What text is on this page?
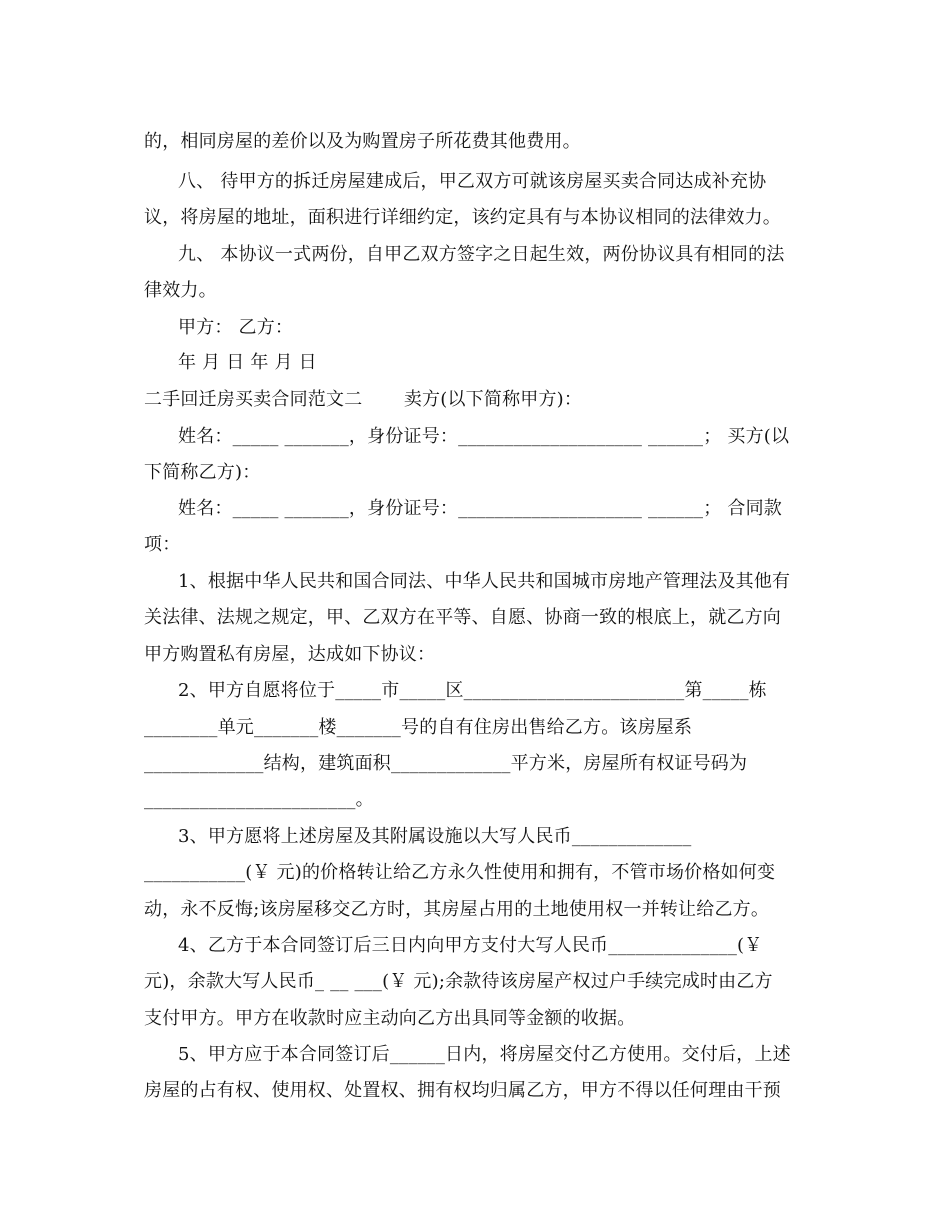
的，相同房屋的差价以及为购置房子所花费其他费用。
八、 待甲方的拆迁房屋建成后，甲乙双方可就该房屋买卖合同达成补充协
议，将房屋的地址，面积进行详细约定，该约定具有与本协议相同的法律效力。
九、 本协议一式两份，自甲乙双方签字之日起生效，两份协议具有相同的法
律效力。
甲方： 乙方：
年 月 日 年 月 日
二手回迁房买卖合同范文二       卖方(以下简称甲方)：
姓名：_____ _______，身份证号：____________________ ______； 买方(以
下简称乙方)：
姓名：_____ _______，身份证号：____________________ ______； 合同款
项：
1、根据中华人民共和国合同法、中华人民共和国城市房地产管理法及其他有
关法律、法规之规定，甲、乙双方在平等、自愿、协商一致的根底上，就乙方向
甲方购置私有房屋，达成如下协议：
2、甲方自愿将位于_____市_____区________________________第_____栋
________单元_______楼_______号的自有住房出售给乙方。该房屋系
_____________结构，建筑面积_____________平方米，房屋所有权证号码为
_______________________。
3、甲方愿将上述房屋及其附属设施以大写人民币_____________
___________(￥ 元)的价格转让给乙方永久性使用和拥有，不管市场价格如何变
动，永不反悔;该房屋移交乙方时，其房屋占用的土地使用权一并转让给乙方。
4、乙方于本合同签订后三日内向甲方支付大写人民币______________(￥
元)，余款大写人民币_ __ ___(￥ 元);余款待该房屋产权过户手续完成时由乙方
支付甲方。甲方在收款时应主动向乙方出具同等金额的收据。
5、甲方应于本合同签订后______日内，将房屋交付乙方使用。交付后，上述
房屋的占有权、使用权、处置权、拥有权均归属乙方，甲方不得以任何理由干预
